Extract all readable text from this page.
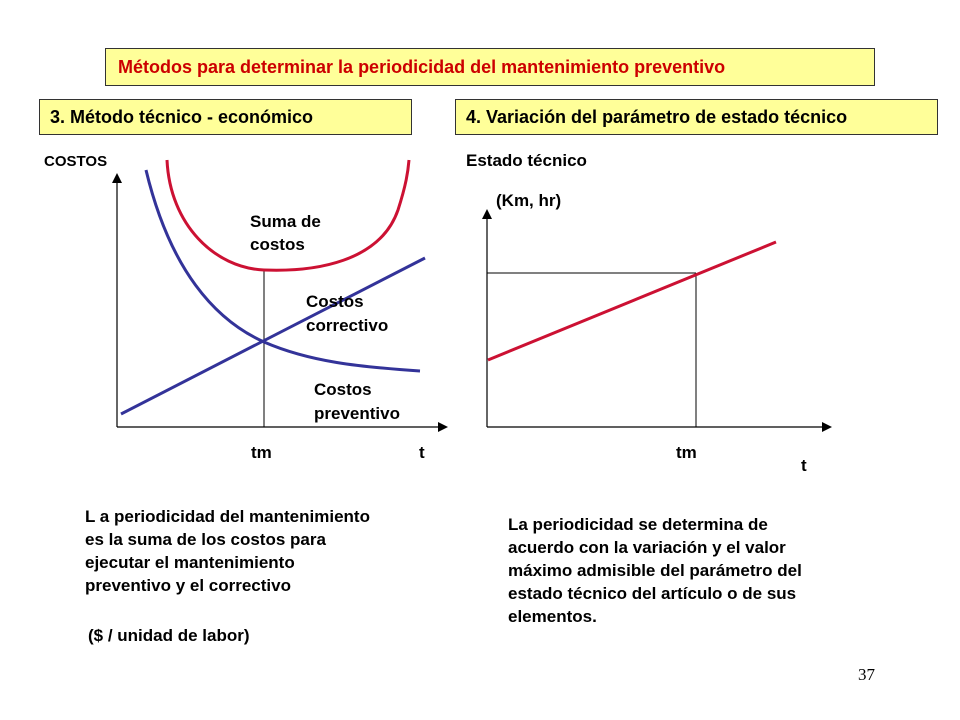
Métodos para determinar la periodicidad del mantenimiento preventivo
3. Método técnico - económico	4. Variación del parámetro de estado técnico
COSTOS
Suma de
costos
Costos
correctivo
Costos
preventivo
tm	t
Estado técnico
(Km, hr)
tm
t
L a periodicidad del mantenimiento
es la suma de los costos para
ejecutar el mantenimiento
preventivo y el correctivo
($ / unidad de labor)
La periodicidad se determina de
acuerdo con la variación y el valor
máximo admisible del parámetro del
estado técnico del artículo o de sus
elementos.
37
